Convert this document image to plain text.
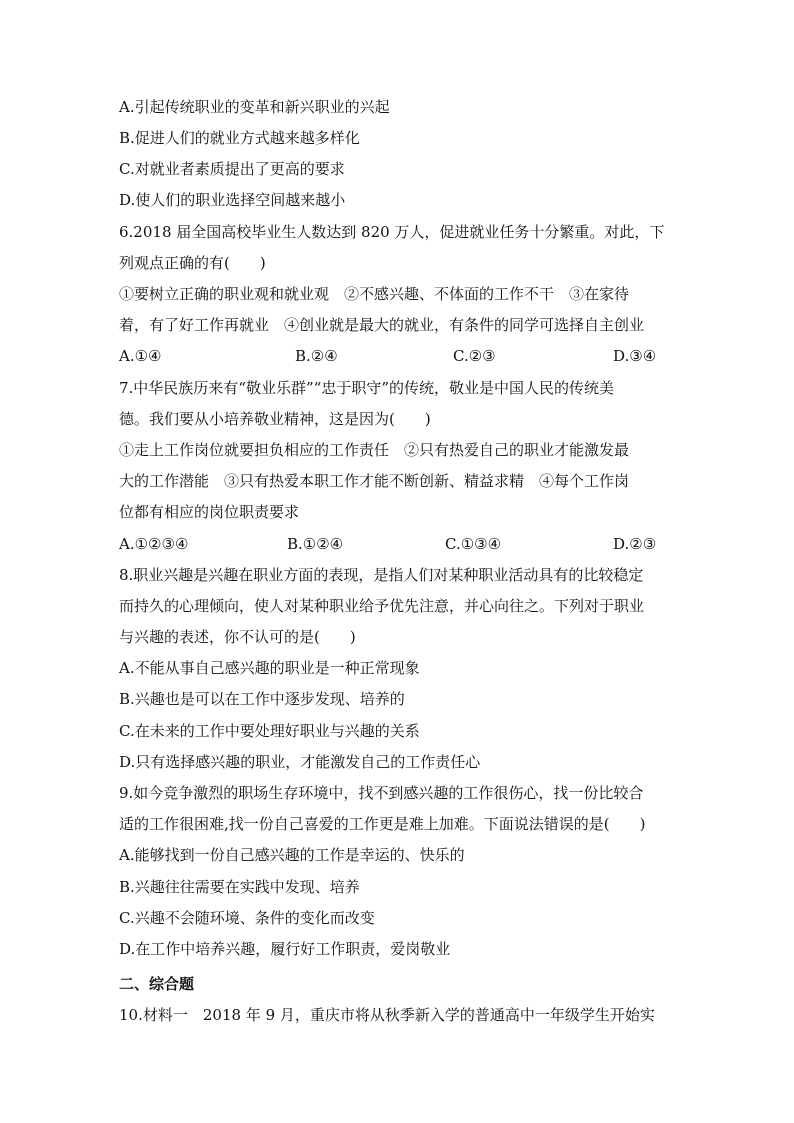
A.引起传统职业的变革和新兴职业的兴起
B.促进人们的就业方式越来越多样化
C.对就业者素质提出了更高的要求
D.使人们的职业选择空间越来越小
6.2018 届全国高校毕业生人数达到 820 万人，促进就业任务十分繁重。对此，下
列观点正确的有(　　)
①要树立正确的职业观和就业观　②不感兴趣、不体面的工作不干　③在家待
着，有了好工作再就业　④创业就是最大的就业，有条件的同学可选择自主创业
A.①④	B.②④	C.②③	D.③④
7.中华民族历来有“敬业乐群”“忠于职守”的传统，敬业是中国人民的传统美
德。我们要从小培养敬业精神，这是因为(　　)
①走上工作岗位就要担负相应的工作责任　②只有热爱自己的职业才能激发最
大的工作潜能　③只有热爱本职工作才能不断创新、精益求精　④每个工作岗
位都有相应的岗位职责要求
A.①②③④	B.①②④	C.①③④	D.②③
8.职业兴趣是兴趣在职业方面的表现，是指人们对某种职业活动具有的比较稳定
而持久的心理倾向，使人对某种职业给予优先注意，并心向往之。下列对于职业
与兴趣的表述，你不认可的是(　　)
A.不能从事自己感兴趣的职业是一种正常现象
B.兴趣也是可以在工作中逐步发现、培养的
C.在未来的工作中要处理好职业与兴趣的关系
D.只有选择感兴趣的职业，才能激发自己的工作责任心
9.如今竞争激烈的职场生存环境中，找不到感兴趣的工作很伤心，找一份比较合
适的工作很困难,找一份自己喜爱的工作更是难上加难。下面说法错误的是(　　)
A.能够找到一份自己感兴趣的工作是幸运的、快乐的
B.兴趣往往需要在实践中发现、培养
C.兴趣不会随环境、条件的变化而改变
D.在工作中培养兴趣，履行好工作职责，爱岗敬业
二、综合题
10.材料一　2018 年 9 月，重庆市将从秋季新入学的普通高中一年级学生开始实
